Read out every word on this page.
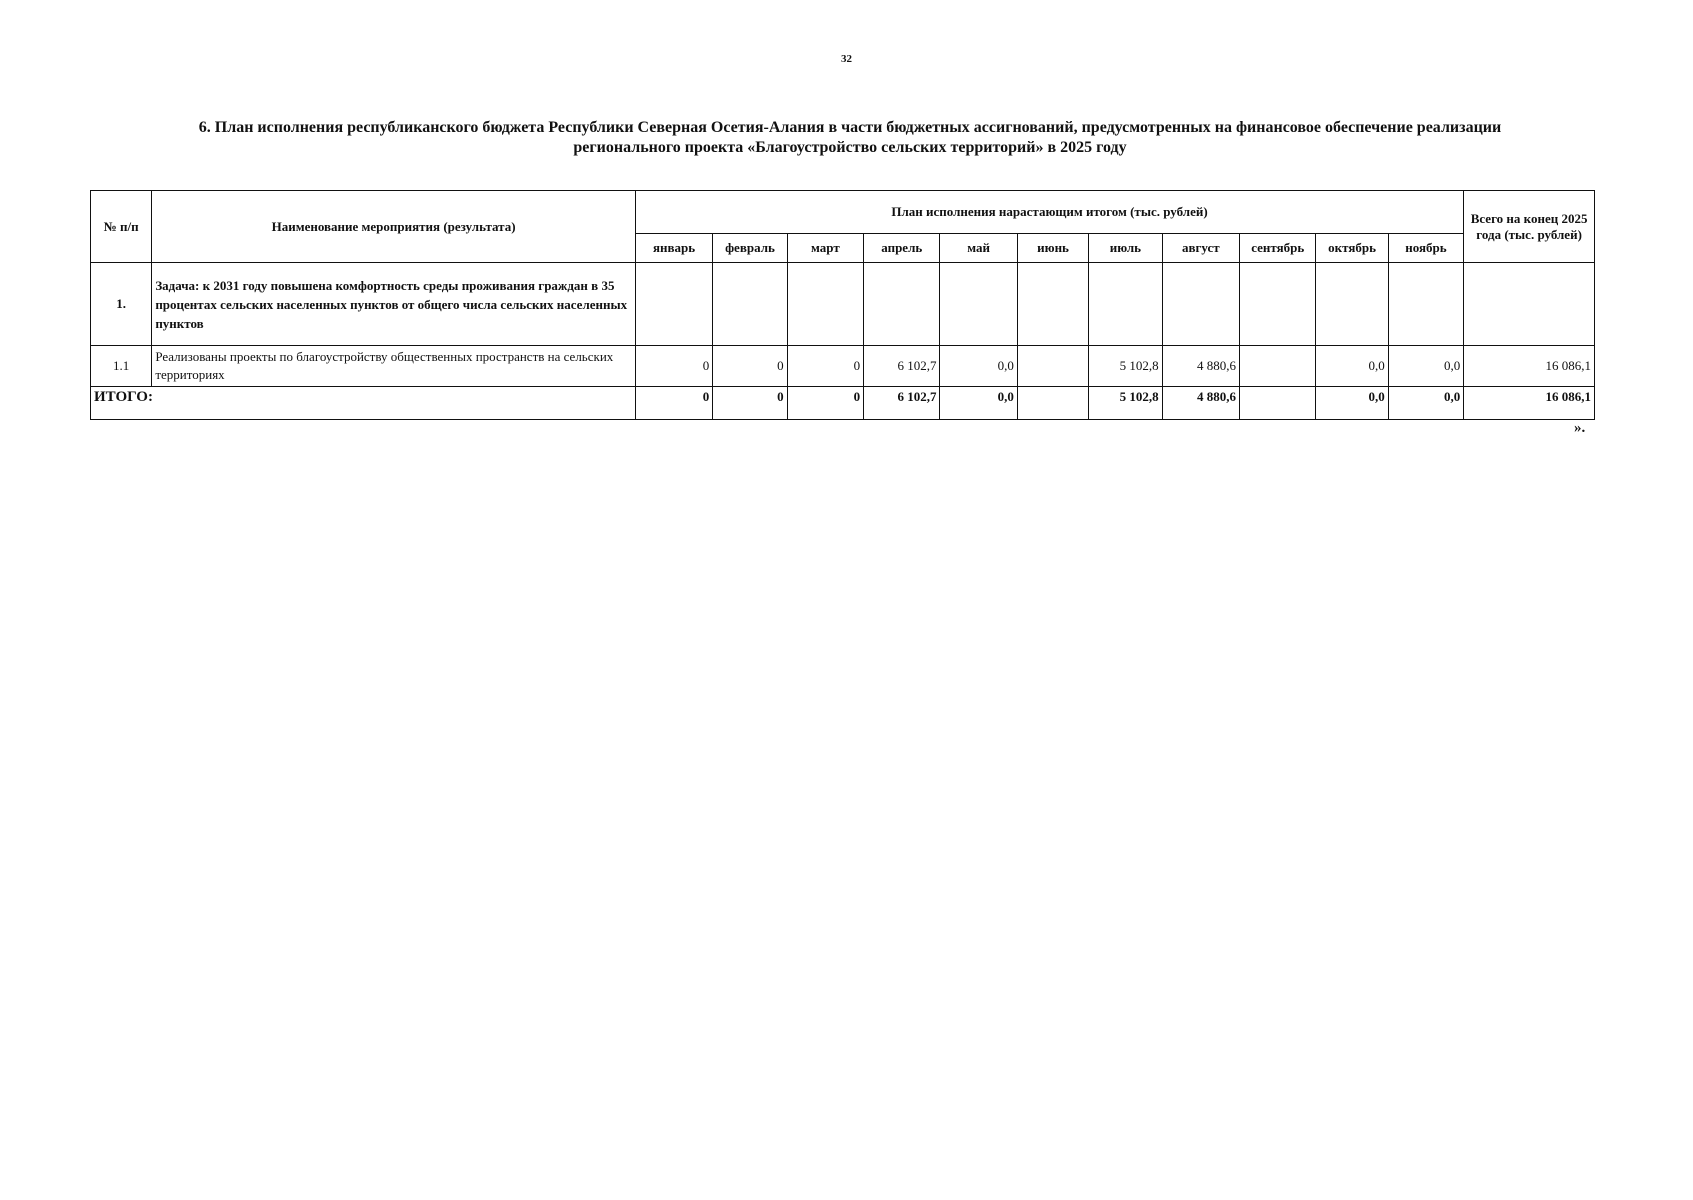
32
6. План исполнения республиканского бюджета Республики Северная Осетия-Алания в части бюджетных ассигнований, предусмотренных на финансовое обеспечение реализации
регионального проекта «Благоустройство сельских территорий» в 2025 году
№ п/п	Наименование мероприятия (результата)	План исполнения нарастающим итогом (тыс. рублей)											Всего на конец 2025 года (тыс. рублей)
		январь	февраль	март	апрель	май	июнь	июль	август	сентябрь	октябрь	ноябрь	
1.	Задача: к 2031 году повышена комфортность среды проживания граждан в 35 процентах сельских населенных пунктов от общего числа сельских населенных пунктов												
1.1	Реализованы проекты по благоустройству общественных пространств на сельских территориях	0	0	0	6 102,7	0,0		5 102,8	4 880,6		0,0	0,0	16 086,1
ИТОГО:		0	0	0	6 102,7	0,0		5 102,8	4 880,6		0,0	0,0	16 086,1
».
